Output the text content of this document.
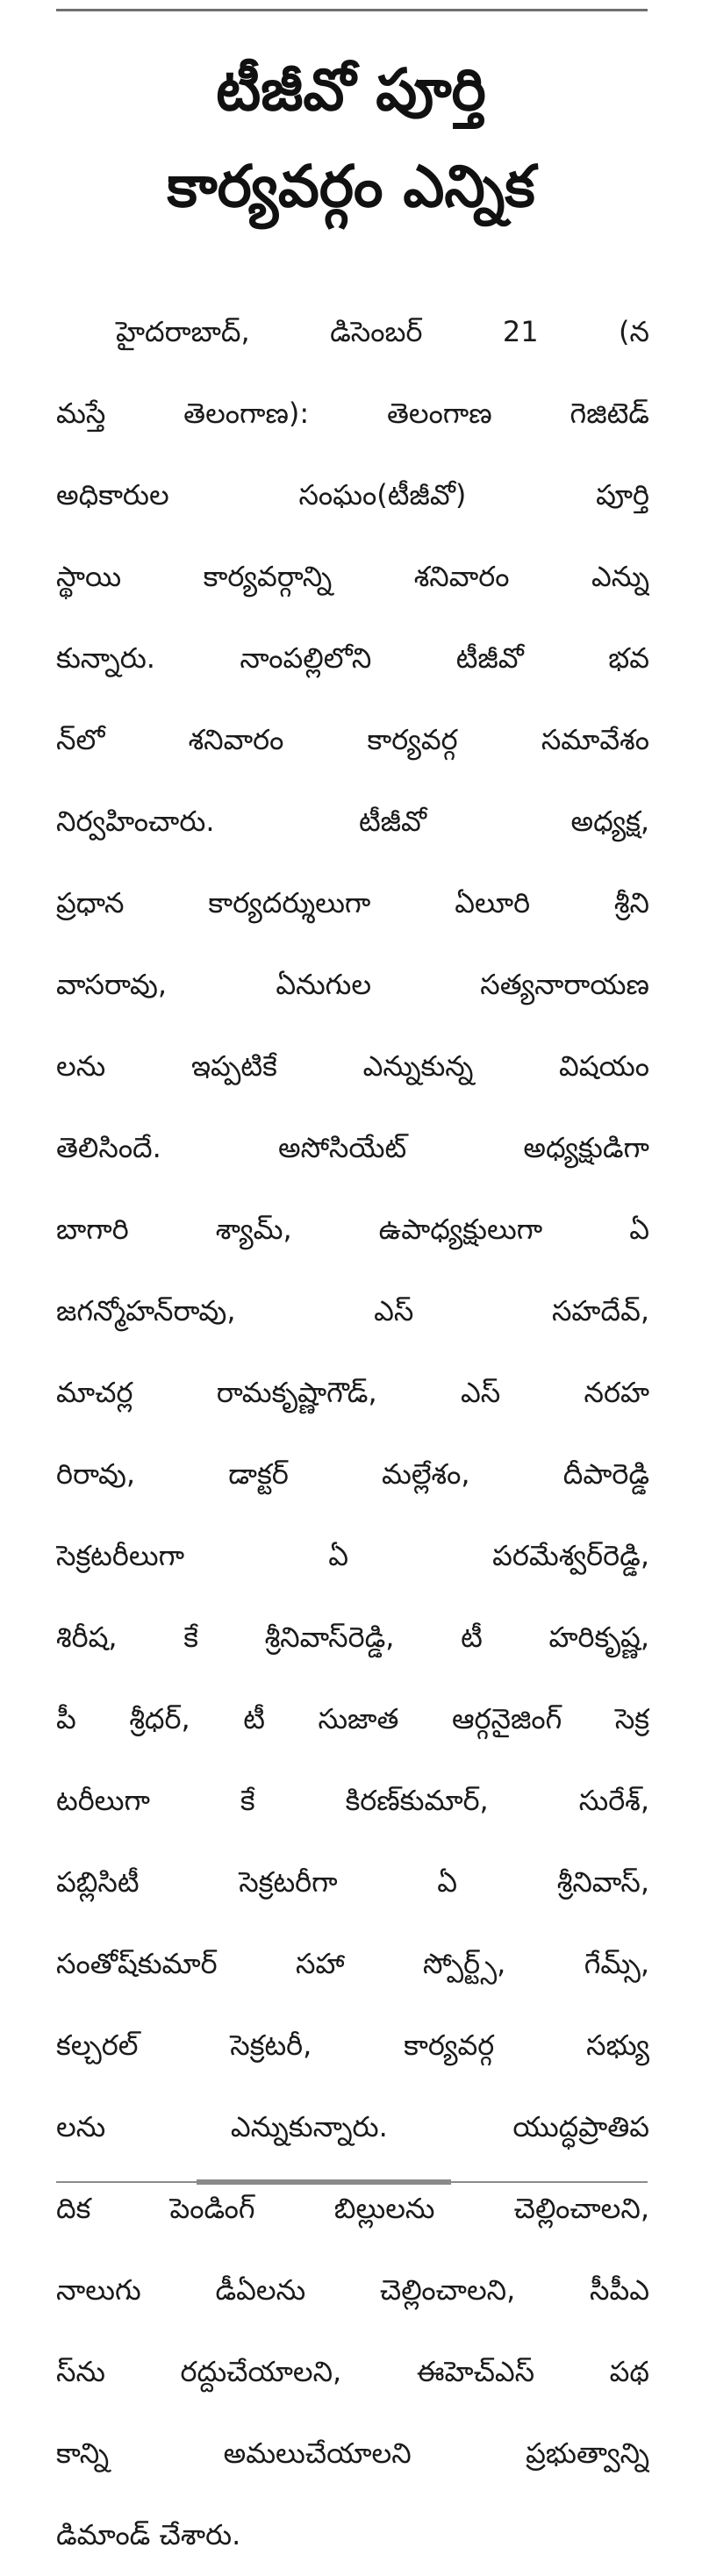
టీజీవో పూర్తి
కార్యవర్గం ఎన్నిక
హైదరాబాద్, డిసెంబర్ 21 (న
మస్తే తెలంగాణ): తెలంగాణ గెజిటెడ్
అధికారుల సంఘం(టీజీవో) పూర్తి
స్థాయి కార్యవర్గాన్ని శనివారం ఎన్ను
కున్నారు. నాంపల్లిలోని టీజీవో భవ
న్‌లో శనివారం కార్యవర్గ సమావేశం
నిర్వహించారు. టీజీవో అధ్యక్ష,
ప్రధాన కార్యదర్శులుగా ఏలూరి శ్రీని
వాసరావు, ఏనుగుల సత్యనారాయణ
లను ఇప్పటికే ఎన్నుకున్న విషయం
తెలిసిందే. అసోసియేట్ అధ్యక్షుడిగా
బాగారి శ్యామ్, ఉపాధ్యక్షులుగా ఏ
జగన్మోహన్‌రావు, ఎస్ సహదేవ్,
మాచర్ల రామకృష్ణాగౌడ్, ఎస్ నరహ
రిరావు, డాక్టర్ మల్లేశం, దీపారెడ్డి
సెక్రటరీలుగా ఏ పరమేశ్వర్‌రెడ్డి,
శిరీష, కే శ్రీనివాస్‌రెడ్డి, టీ హరికృష్ణ,
పీ శ్రీధర్, టీ సుజాత ఆర్గనైజింగ్ సెక్ర
టరీలుగా కే కిరణ్‌కుమార్, సురేశ్,
పబ్లిసిటీ సెక్రటరీగా ఏ శ్రీనివాస్,
సంతోష్‌కుమార్ సహా స్పోర్ట్స్, గేమ్స్,
కల్చరల్ సెక్రటరీ, కార్యవర్గ సభ్యు
లను ఎన్నుకున్నారు. యుద్ధప్రాతిప
దిక పెండింగ్ బిల్లులను చెల్లించాలని,
నాలుగు డీఏలను చెల్లించాలని, సీపీఎ
స్‌ను రద్దుచేయాలని, ఈహెచ్‌ఎస్ పథ
కాన్ని అమలుచేయాలని ప్రభుత్వాన్ని
డిమాండ్ చేశారు.
